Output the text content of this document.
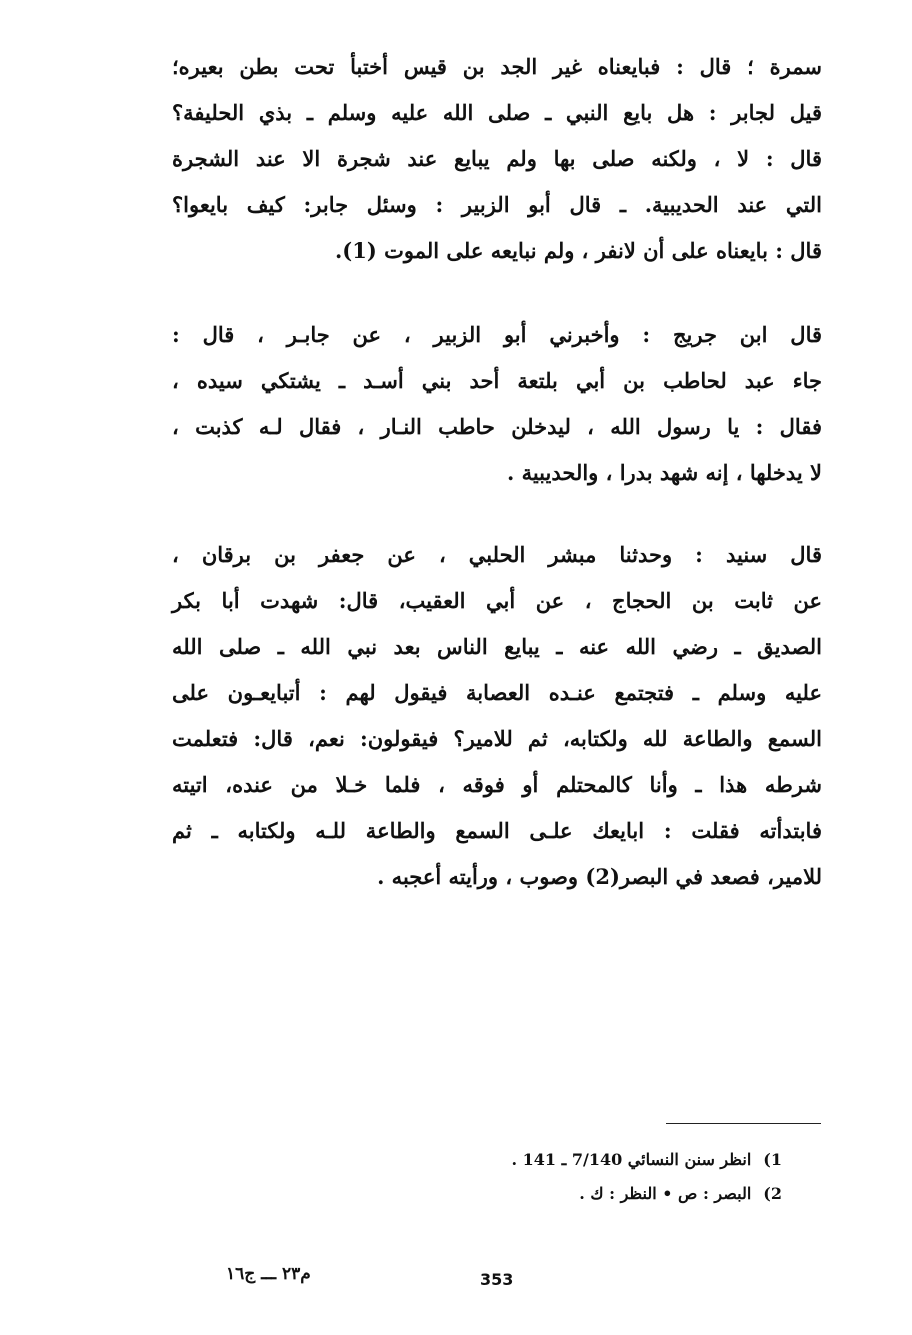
سمرة ؛ قال : فبايعناه غير الجد بن قيس أختبأ تحت بطن بعيره؛
قيل لجابر : هل بايع النبي ـ صلى الله عليه وسلم ـ بذي الحليفة؟
قال : لا ، ولكنه صلى بها ولم يبايع عند شجرة الا عند الشجرة
التي عند الحديبية. ـ قال أبو الزبير : وسئل جابر: كيف بايعوا؟
قال : بايعناه على أن لانفر ، ولم نبايعه على الموت (1).
قال ابن جريج : وأخبرني أبو الزبير ، عن جابـر ، قال :
جاء عبد لحاطب بن أبي بلتعة أحد بني أسـد ـ يشتكي سيده ،
فقال : يا رسول الله ، ليدخلن حاطب النـار ، فقال لـه كذبت ،
لا يدخلها ، إنه شهد بدرا ، والحديبية .
قال سنيد : وحدثنا مبشر الحلبي ، عن جعفر بن برقان ،
عن ثابت بن الحجاج ، عن أبي العقيب، قال: شهدت أبا بكر
الصديق ـ رضي الله عنه ـ يبايع الناس بعد نبي الله ـ صلى الله
عليه وسلم ـ فتجتمع عنـده العصابة فيقول لهم : أتبايعـون على
السمع والطاعة لله ولكتابه، ثم للامير؟ فيقولون: نعم، قال: فتعلمت
شرطه هذا ـ وأنا كالمحتلم أو فوقه ، فلما خـلا من عنده، اتيته
فابتدأته فقلت : ابايعك علـى السمع والطاعة للـه ولكتابه ـ ثم
للامير، فصعد في البصر(2) وصوب ، ورأيته أعجبه .
1)انظر سنن النسائي 7/140 ـ 141 .
2)البصر : ص • النظر : ك .
م٢٣ ـــ ج١٦	353
